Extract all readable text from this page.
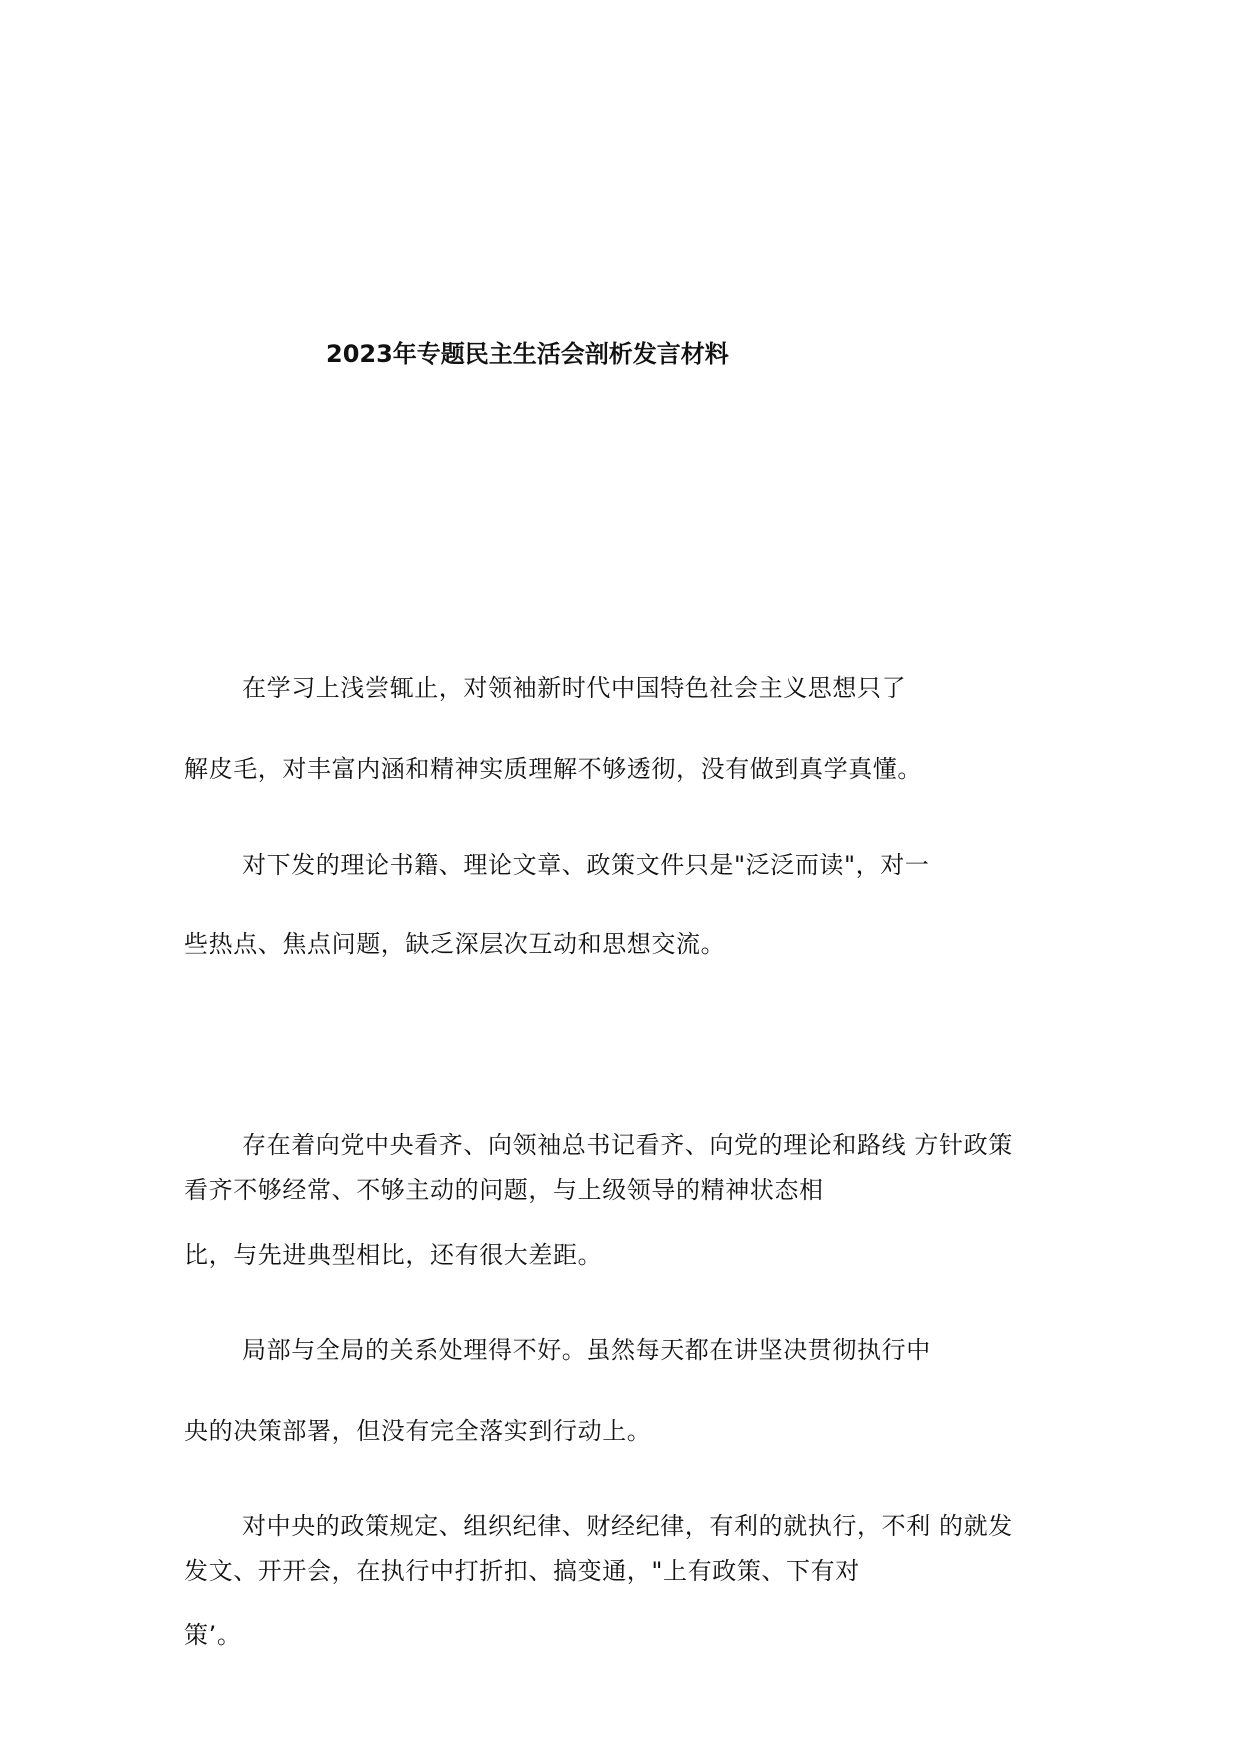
2023年专题民主生活会剖析发言材料
在学习上浅尝辄止，对领袖新时代中国特色社会主义思想只了
解皮毛，对丰富内涵和精神实质理解不够透彻，没有做到真学真懂。
对下发的理论书籍、理论文章、政策文件只是"泛泛而读"，对一
些热点、焦点问题，缺乏深层次互动和思想交流。
存在着向党中央看齐、向领袖总书记看齐、向党的理论和路线 方针政策
看齐不够经常、不够主动的问题，与上级领导的精神状态相
比，与先进典型相比，还有很大差距。
局部与全局的关系处理得不好。虽然每天都在讲坚决贯彻执行中
央的决策部署，但没有完全落实到行动上。
对中央的政策规定、组织纪律、财经纪律，有利的就执行，不利 的就发
发文、开开会，在执行中打折扣、搞变通，"上有政策、下有对
策’。
